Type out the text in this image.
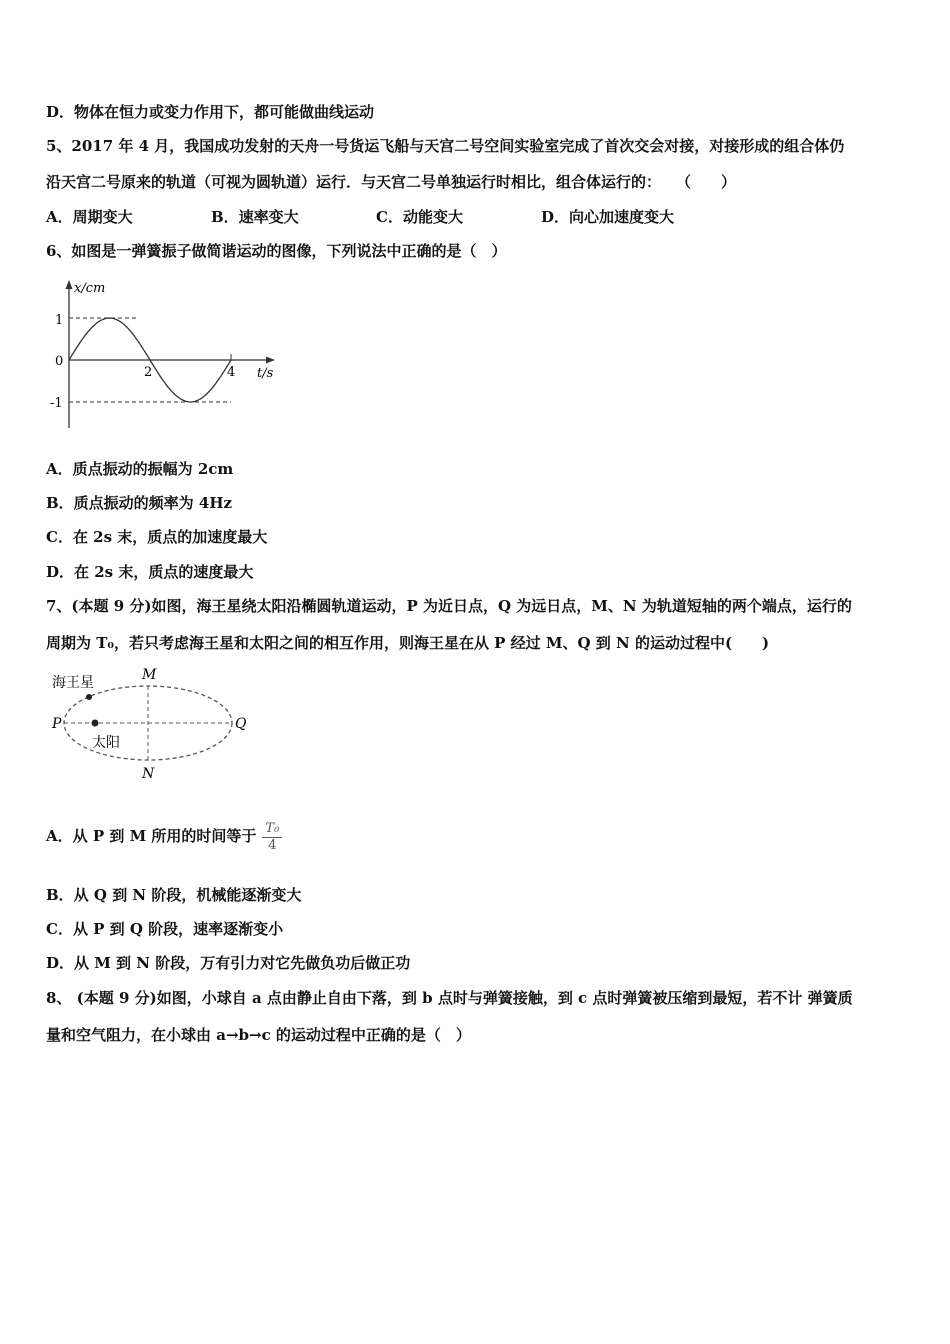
D．物体在恒力或变力作用下，都可能做曲线运动
5、2017 年 4 月，我国成功发射的天舟一号货运飞船与天宫二号空间实验室完成了首次交会对接，对接形成的组合体仍
沿天宫二号原来的轨道（可视为圆轨道）运行．与天宫二号单独运行时相比，组合体运行的：　　（　　）
A．周期变大	B．速率变大	C．动能变大	D．向心加速度变大
6、如图是一弹簧振子做简谐运动的图像，下列说法中正确的是（　）
x/cm
1
0
-1
2	4 t/s
A．质点振动的振幅为 2cm
B．质点振动的频率为 4Hz
C．在 2s 末，质点的加速度最大
D．在 2s 末，质点的速度最大
7、(本题 9 分)如图，海王星绕太阳沿椭圆轨道运动，P 为近日点，Q 为远日点，M、N 为轨道短轴的两个端点，运行的
周期为 T₀，若只考虑海王星和太阳之间的相互作用，则海王星在从 P 经过 M、Q 到 N 的运动过程中(　　)
海王星
太阳
P	Q
M
N
A．从 P 到 M 所用的时间等于 $\frac{\text{T₀}}{4}$
B．从 Q 到 N 阶段，机械能逐渐变大
C．从 P 到 Q 阶段，速率逐渐变小
D．从 M 到 N 阶段，万有引力对它先做负功后做正功
8、 (本题 9 分)如图，小球自 a 点由静止自由下落，到 b 点时与弹簧接触，到 c 点时弹簧被压缩到最短，若不计 弹簧质
量和空气阻力，在小球由 a→b→c 的运动过程中正确的是（　）
